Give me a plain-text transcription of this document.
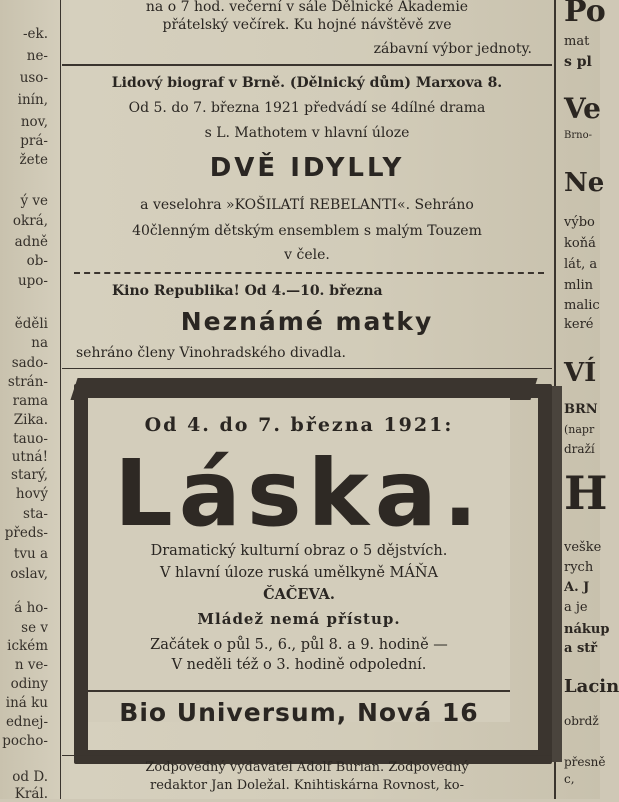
-ek.
ne-
uso-
inín,
nov,
prá-
žete
ý ve
okrá,
adně
ob-
upo-
ěděli
na
sado-
strán-
rama
Zika.
tauo-
utná!
starý,
hový
sta-
předs-
tvu a
oslav,
á ho-
se v
ickém
n ve-
odiny
iná ku
ednej-
pocho-
od D.
Král.
Po
mat
s pl
Ve
Brno-
Ne
výbo
koňá
lát, a
mlin
malic
keré
VÍ
BRN
(napr
draží
H
veške
rych
A. J
a je
nákup
a stř
Lacin
obrdž
přesně
c,
na o 7 hod. večerní v sále Dělnické Akademie
přátelský večírek. Ku hojné návštěvě zve
zábavní výbor jednoty.
Lidový biograf v Brně. (Dělnický dům) Marxova 8.
Od 5. do 7. března 1921 předvádí se 4dílné drama
s L. Mathotem v hlavní úloze
DVĚ IDYLLY
a veselohra »KOŠILATÍ REBELANTI«. Sehráno
40členným dětským ensemblem s malým Touzem
v čele.
Kino Republika! Od 4.—10. března
Neznámé matky
sehráno členy Vinohradského divadla.
Od 4. do 7. března 1921:
Láska.
Dramatický kulturní obraz o 5 dějstvích.
V hlavní úloze ruská umělkyně MÁŇA
ČAČEVA.
Mládež nemá přístup.
Začátek o půl 5., 6., půl 8. a 9. hodině —
V neděli též o 3. hodině odpolední.
Bio Universum, Nová 16
Zodpovědný vydavatel Adolf Burian. Zodpovědný
redaktor Jan Doležal. Knihtiskárna Rovnost, ko-
